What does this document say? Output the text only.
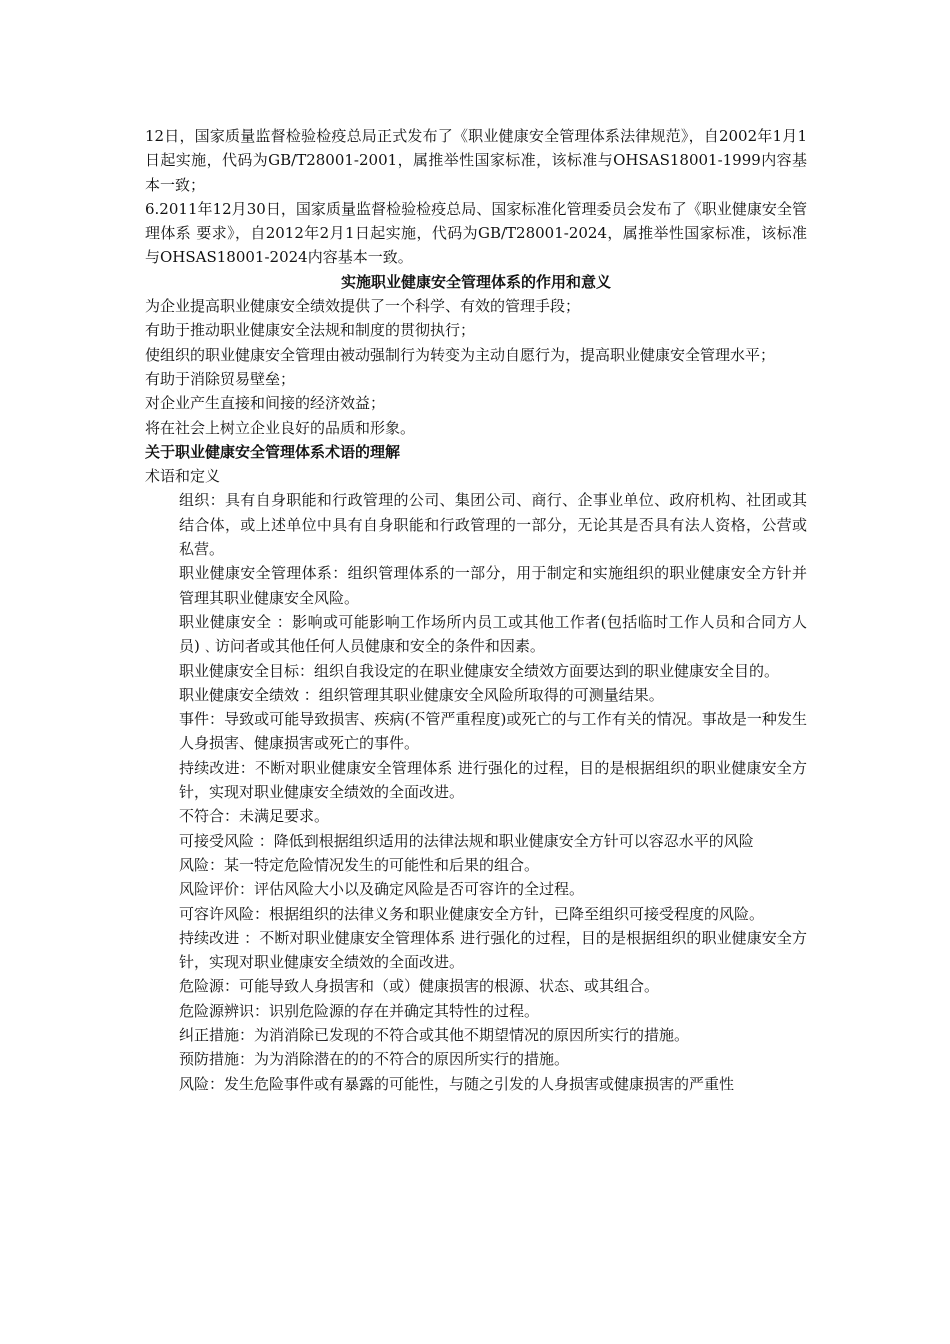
12日，国家质量监督检验检疫总局正式发布了《职业健康安全管理体系法律规范》，自2002年1月1日起实施，代码为GB/T28001-2001，属推举性国家标准，该标准与OHSAS18001-1999内容基本一致；

6.2011年12月30日，国家质量监督检验检疫总局、国家标准化管理委员会发布了《职业健康安全管理体系 要求》，自2012年2月1日起实施，代码为GB/T28001-2024，属推举性国家标准，该标准与OHSAS18001-2024内容基本一致。

实施职业健康安全管理体系的作用和意义

为企业提高职业健康安全绩效提供了一个科学、有效的管理手段；

有助于推动职业健康安全法规和制度的贯彻执行；

使组织的职业健康安全管理由被动强制行为转变为主动自愿行为，提高职业健康安全管理水平；

有助于消除贸易壁垒；

对企业产生直接和间接的经济效益；

将在社会上树立企业良好的品质和形象。

关于职业健康安全管理体系术语的理解

术语和定义

组织：具有自身职能和行政管理的公司、集团公司、商行、企事业单位、政府机构、社团或其结合体，或上述单位中具有自身职能和行政管理的一部分，无论其是否具有法人资格，公营或私营。

职业健康安全管理体系：组织管理体系的一部分，用于制定和实施组织的职业健康安全方针并管理其职业健康安全风险。

职业健康安全 ：影响或可能影响工作场所内员工或其他工作者(包括临时工作人员和合同方人员)﹑访问者或其他任何人员健康和安全的条件和因素。

职业健康安全目标：组织自我设定的在职业健康安全绩效方面要达到的职业健康安全目的。

职业健康安全绩效 ：组织管理其职业健康安全风险所取得的可测量结果。

事件：导致或可能导致损害、疾病(不管严重程度)或死亡的与工作有关的情况。事故是一种发生人身损害、健康损害或死亡的事件。

持续改进：不断对职业健康安全管理体系 进行强化的过程，目的是根据组织的职业健康安全方针，实现对职业健康安全绩效的全面改进。

不符合：未满足要求。

可接受风险 ：降低到根据组织适用的法律法规和职业健康安全方针可以容忍水平的风险

风险：某一特定危险情况发生的可能性和后果的组合。

风险评价：评估风险大小以及确定风险是否可容许的全过程。

可容许风险：根据组织的法律义务和职业健康安全方针，已降至组织可接受程度的风险。

持续改进 ：不断对职业健康安全管理体系 进行强化的过程，目的是根据组织的职业健康安全方针，实现对职业健康安全绩效的全面改进。

危险源：可能导致人身损害和（或）健康损害的根源、状态、或其组合。

危险源辨识：识别危险源的存在并确定其特性的过程。

纠正措施：为消消除已发现的不符合或其他不期望情况的原因所实行的措施。

预防措施：为为消除潜在的的不符合的原因所实行的措施。

风险：发生危险事件或有暴露的可能性，与随之引发的人身损害或健康损害的严重性
